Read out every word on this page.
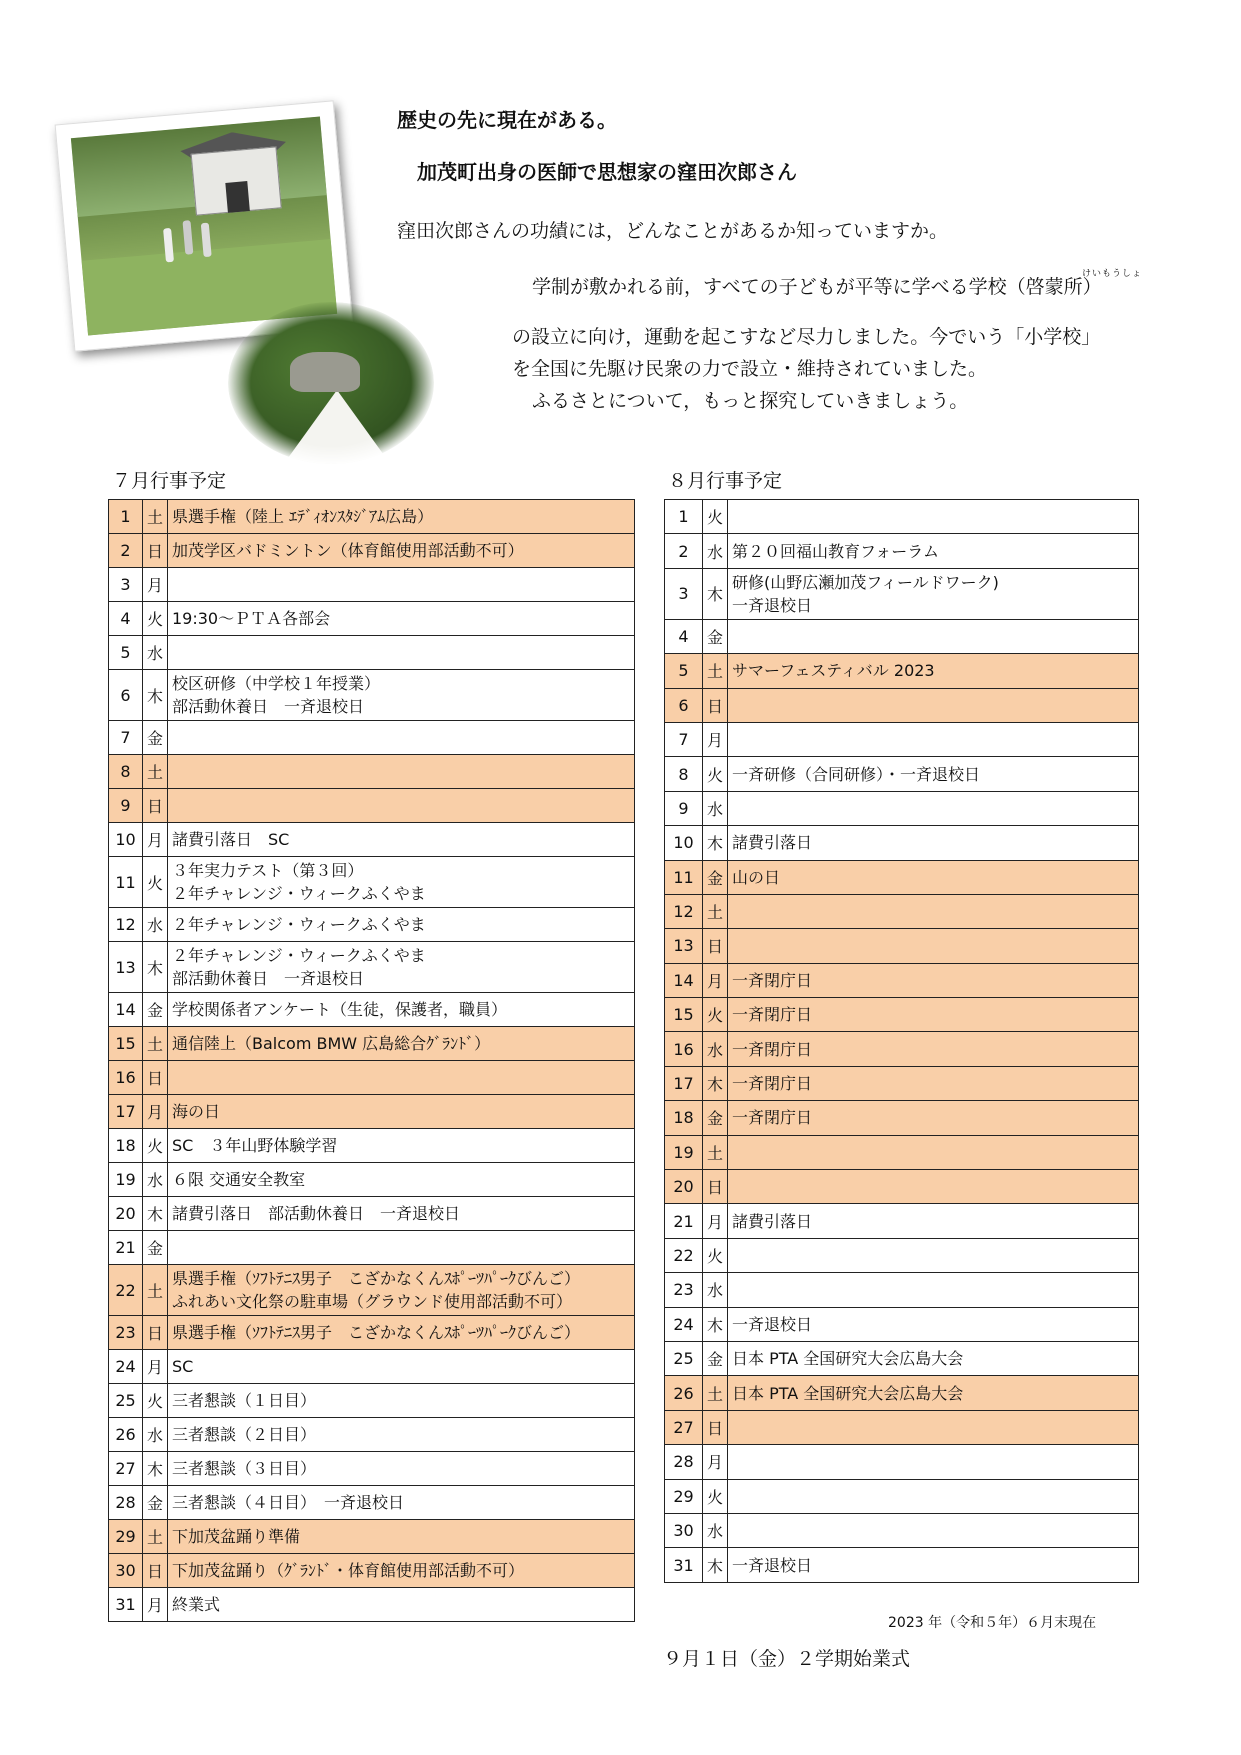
歴史の先に現在がある。
加茂町出身の医師で思想家の窪田次郎さん
窪田次郎さんの功績には，どんなことがあるか知っていますか。
けいもうしょ
学制が敷かれる前，すべての子どもが平等に学べる学校（啓蒙所）
の設立に向け，運動を起こすなど尽力しました。今でいう「小学校」
を全国に先駆け民衆の力で設立・維持されていました。
ふるさとについて，もっと探究していきましょう。
７月行事予定
1	土	県選手権（陸上 ｴﾃﾞｨｵﾝｽﾀｼﾞｱﾑ広島）

2	日	加茂学区バドミントン（体育館使用部活動不可）

3	月	

4	火	19:30～ＰＴＡ各部会

5	水	

6	木	校区研修（中学校１年授業）
部活動休養日　一斉退校日

7	金	

8	土	

9	日	

10	月	諸費引落日　SC

11	火	３年実力テスト（第３回）
２年チャレンジ・ウィークふくやま

12	水	２年チャレンジ・ウィークふくやま

13	木	２年チャレンジ・ウィークふくやま
部活動休養日　一斉退校日

14	金	学校関係者アンケート（生徒，保護者，職員）

15	土	通信陸上（Balcom BMW 広島総合ｸﾞﾗﾝﾄﾞ）

16	日	

17	月	海の日

18	火	SC　３年山野体験学習

19	水	６限 交通安全教室

20	木	諸費引落日　部活動休養日　一斉退校日

21	金	

22	土	県選手権（ｿﾌﾄﾃﾆｽ男子　こざかなくんｽﾎﾟｰﾂﾊﾟｰｸびんご）
ふれあい文化祭の駐車場（グラウンド使用部活動不可）

23	日	県選手権（ｿﾌﾄﾃﾆｽ男子　こざかなくんｽﾎﾟｰﾂﾊﾟｰｸびんご）

24	月	SC

25	火	三者懇談（１日目）

26	水	三者懇談（２日目）

27	木	三者懇談（３日目）

28	金	三者懇談（４日目）　一斉退校日

29	土	下加茂盆踊り準備

30	日	下加茂盆踊り（ｸﾞﾗﾝﾄﾞ・体育館使用部活動不可）

31	月	終業式
８月行事予定
1	火	

2	水	第２０回福山教育フォーラム

3	木	研修(山野広瀬加茂フィールドワーク)
一斉退校日

4	金	

5	土	サマーフェスティバル 2023

6	日	

7	月	

8	火	一斉研修（合同研修）・一斉退校日

9	水	

10	木	諸費引落日

11	金	山の日

12	土	

13	日	

14	月	一斉閉庁日

15	火	一斉閉庁日

16	水	一斉閉庁日

17	木	一斉閉庁日

18	金	一斉閉庁日

19	土	

20	日	

21	月	諸費引落日

22	火	

23	水	

24	木	一斉退校日

25	金	日本 PTA 全国研究大会広島大会

26	土	日本 PTA 全国研究大会広島大会

27	日	

28	月	

29	火	

30	水	

31	木	一斉退校日
2023 年（令和５年）６月末現在
９月１日（金）２学期始業式
